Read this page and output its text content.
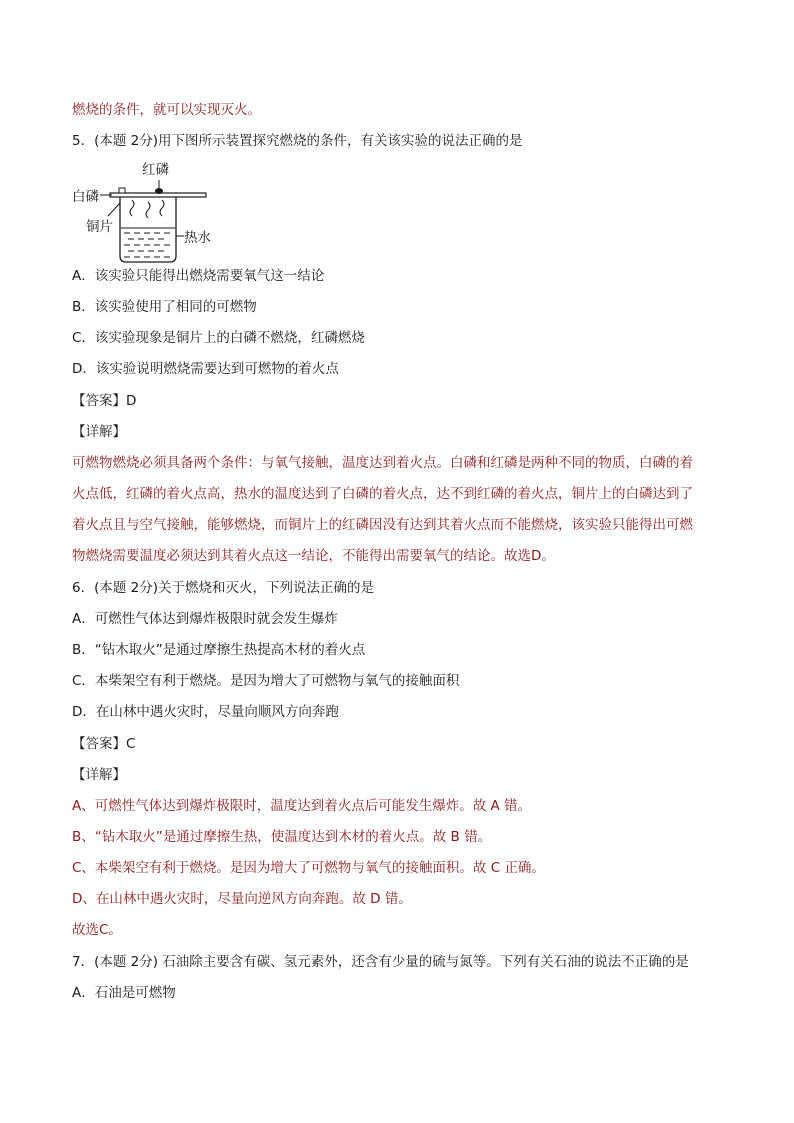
燃烧的条件，就可以实现灭火。
5．(本题 2分)用下图所示装置探究燃烧的条件，有关该实验的说法正确的是
红磷
白磷
铜片
热水
A．该实验只能得出燃烧需要氧气这一结论
B．该实验使用了相同的可燃物
C．该实验现象是铜片上的白磷不燃烧，红磷燃烧
D．该实验说明燃烧需要达到可燃物的着火点
【答案】D
【详解】
可燃物燃烧必须具备两个条件：与氧气接触，温度达到着火点。白磷和红磷是两种不同的物质，白磷的着
火点低，红磷的着火点高，热水的温度达到了白磷的着火点，达不到红磷的着火点，铜片上的白磷达到了
着火点且与空气接触，能够燃烧，而铜片上的红磷因没有达到其着火点而不能燃烧，该实验只能得出可燃
物燃烧需要温度必须达到其着火点这一结论，不能得出需要氧气的结论。故选D。
6．(本题 2分)关于燃烧和灭火，下列说法正确的是
A．可燃性气体达到爆炸极限时就会发生爆炸
B．“钻木取火”是通过摩擦生热提高木材的着火点
C．本柴架空有利于燃烧。是因为增大了可燃物与氧气的接触面积
D．在山林中遇火灾时，尽量向顺风方向奔跑
【答案】C
【详解】
A、可燃性气体达到爆炸极限时，温度达到着火点后可能发生爆炸。故 A 错。
B、“钻木取火”是通过摩擦生热，使温度达到木材的着火点。故 B 错。
C、本柴架空有利于燃烧。是因为增大了可燃物与氧气的接触面积。故 C 正确。
D、在山林中遇火灾时，尽量向逆风方向奔跑。故 D 错。
故选C。
7．(本题 2分) 石油除主要含有碳、氢元素外，还含有少量的硫与氮等。下列有关石油的说法不正确的是
A．石油是可燃物
